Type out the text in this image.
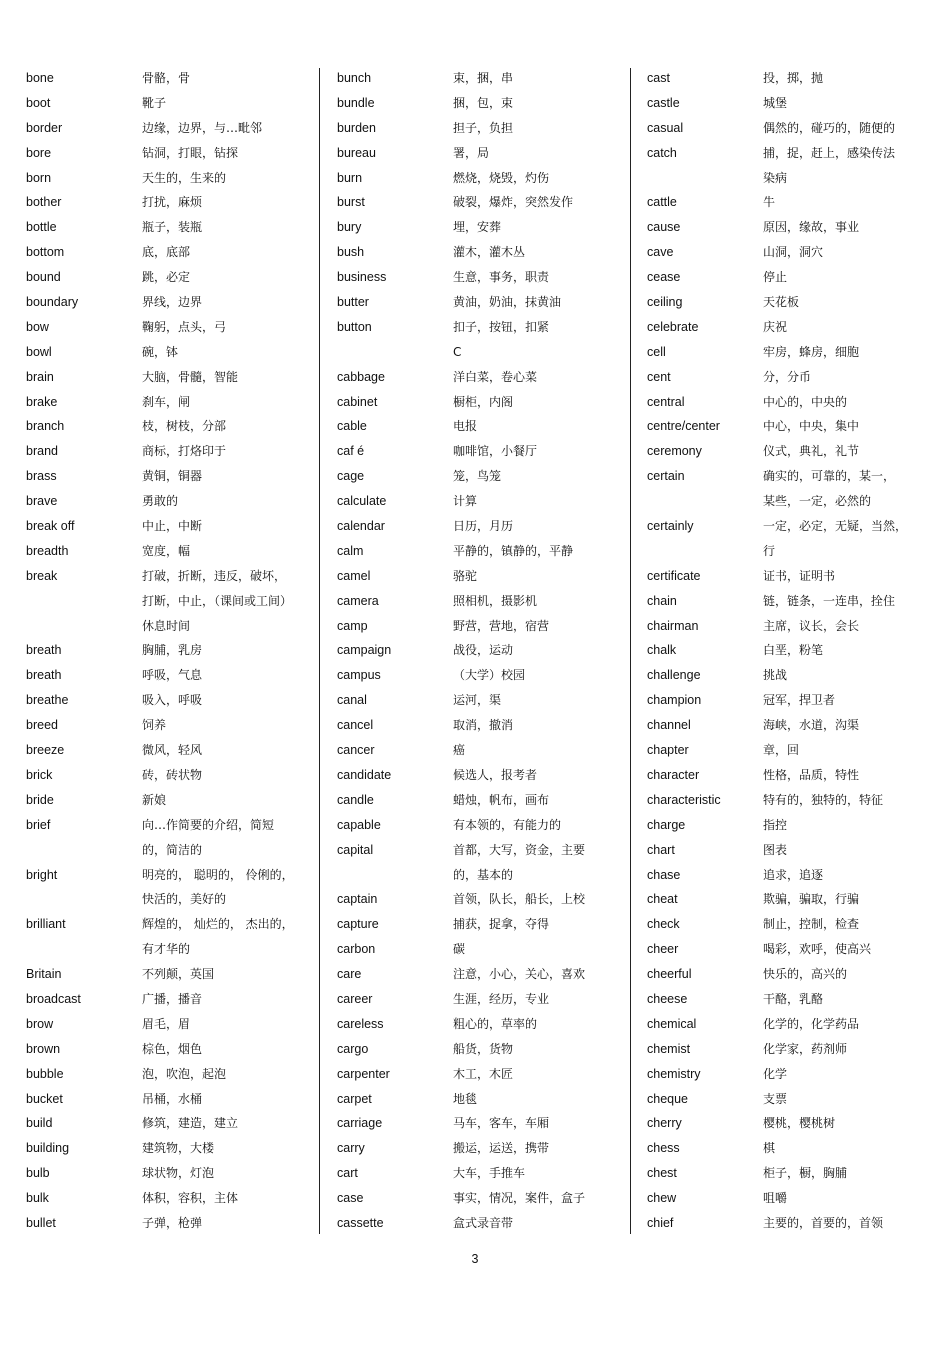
bone	骨骼，骨
boot	靴子
border	边缘，边界，与…毗邻
bore	钻洞，打眼，钻探
born	天生的，生来的
bother	打扰，麻烦
bottle	瓶子，装瓶
bottom	底，底部
bound	跳，必定
boundary	界线，边界
bow	鞠躬，点头，弓
bowl	碗，钵
brain	大脑，骨髓，智能
brake	刹车，闸
branch	枝，树枝，分部
brand	商标，打烙印于
brass	黄铜，铜器
brave	勇敢的
break off	中止，中断
breadth	宽度，幅
break	打破，折断，违反，破坏，
打断，中止，（课间或工间）
休息时间
breath	胸脯，乳房
breath	呼吸，气息
breathe	吸入，呼吸
breed	饲养
breeze	微风，轻风
brick	砖，砖状物
bride	新娘
brief	向…作简要的介绍，简短
的，简洁的
bright	明亮的， 聪明的， 伶俐的，
快活的，美好的
brilliant	辉煌的， 灿烂的， 杰出的，
有才华的
Britain	不列颠，英国
broadcast	广播，播音
brow	眉毛，眉
brown	棕色，烟色
bubble	泡，吹泡，起泡
bucket	吊桶，水桶
build	修筑，建造，建立
building	建筑物，大楼
bulb	球状物，灯泡
bulk	体积，容积，主体
bullet	子弹，枪弹
bunch	束，捆，串
bundle	捆，包，束
burden	担子，负担
bureau	署，局
burn	燃烧，烧毁，灼伤
burst	破裂，爆炸，突然发作
bury	埋，安葬
bush	灌木，灌木丛
business	生意，事务，职责
butter	黄油，奶油，抹黄油
button	扣子，按钮，扣紧
C
cabbage	洋白菜，卷心菜
cabinet	橱柜，内阁
cable	电报
caf é	咖啡馆，小餐厅
cage	笼，鸟笼
calculate	计算
calendar	日历，月历
calm	平静的，镇静的，平静
camel	骆驼
camera	照相机，摄影机
camp	野营，营地，宿营
campaign	战役，运动
campus	（大学）校园
canal	运河，渠
cancel	取消，撤消
cancer	癌
candidate	候选人，报考者
candle	蜡烛，帆布，画布
capable	有本领的，有能力的
capital	首都，大写，资金，主要
的，基本的
captain	首领，队长，船长，上校
capture	捕获，捉拿，夺得
carbon	碳
care	注意，小心，关心，喜欢
career	生涯，经历，专业
careless	粗心的，草率的
cargo	船货，货物
carpenter	木工，木匠
carpet	地毯
carriage	马车，客车，车厢
carry	搬运，运送，携带
cart	大车，手推车
case	事实，情况，案件，盒子
cassette	盒式录音带
cast	投，掷，抛
castle	城堡
casual	偶然的，碰巧的，随便的
catch	捕，捉，赶上，感染传法
染病
cattle	牛
cause	原因，缘故，事业
cave	山洞，洞穴
cease	停止
ceiling	天花板
celebrate	庆祝
cell	牢房，蜂房，细胞
cent	分，分币
central	中心的，中央的
centre/center	中心，中央，集中
ceremony	仪式，典礼，礼节
certain	确实的，可靠的，某一，
某些，一定，必然的
certainly	一定，必定，无疑，当然，
行
certificate	证书，证明书
chain	链，链条，一连串，拴住
chairman	主席，议长，会长
chalk	白垩，粉笔
challenge	挑战
champion	冠军，捍卫者
channel	海峡，水道，沟渠
chapter	章，回
character	性格，品质，特性
characteristic	特有的，独特的，特征
charge	指控
chart	图表
chase	追求，追逐
cheat	欺骗，骗取，行骗
check	制止，控制，检查
cheer	喝彩，欢呼，使高兴
cheerful	快乐的，高兴的
cheese	干酪，乳酪
chemical	化学的，化学药品
chemist	化学家，药剂师
chemistry	化学
cheque	支票
cherry	樱桃，樱桃树
chess	棋
chest	柜子，橱，胸脯
chew	咀嚼
chief	主要的，首要的，首领
3
